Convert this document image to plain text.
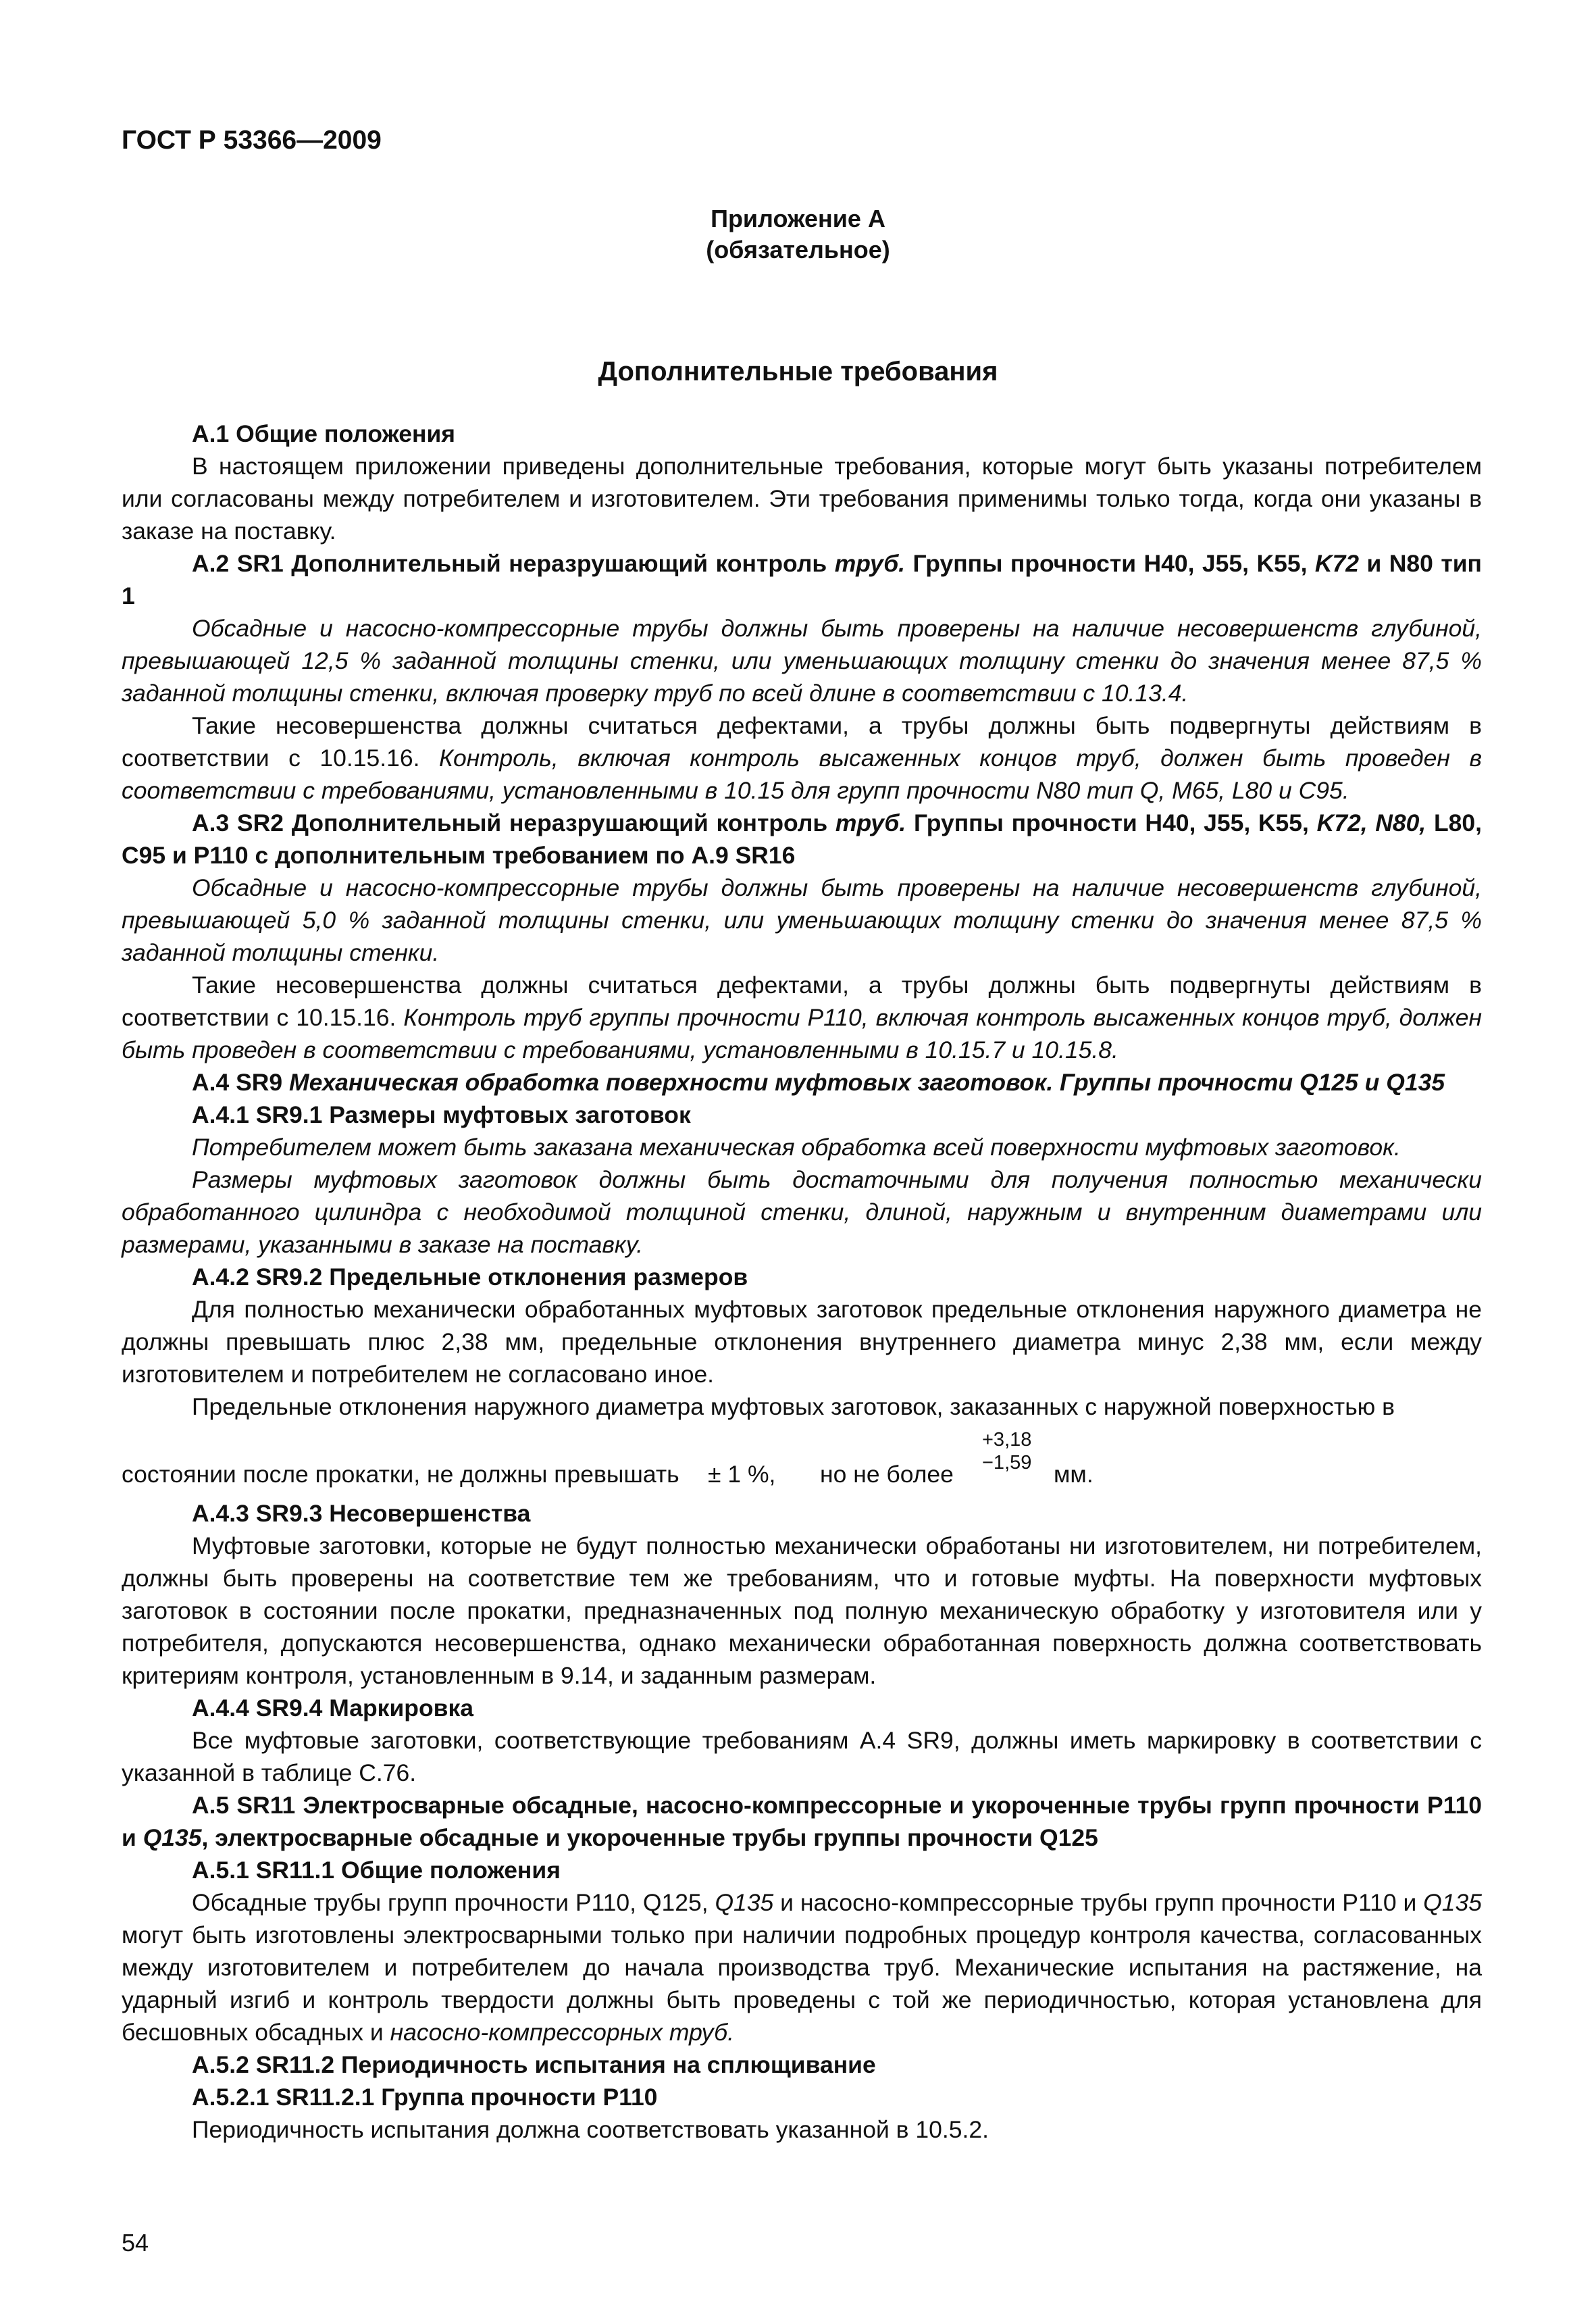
ГОСТ Р 53366—2009
Приложение А
(обязательное)
Дополнительные требования

А.1 Общие положения

В настоящем приложении приведены дополнительные требования, которые могут быть указаны потребителем или согласованы между потребителем и изготовителем. Эти требования применимы только тогда, когда они указаны в заказе на поставку.

А.2 SR1 Дополнительный неразрушающий контроль труб. Группы прочности Н40, J55, K55, K72 и N80 тип 1

Обсадные и насосно-компрессорные трубы должны быть проверены на наличие несовершенств глубиной, превышающей 12,5 % заданной толщины стенки, или уменьшающих толщину стенки до значения менее 87,5 % заданной толщины стенки, включая проверку труб по всей длине в соответствии с 10.13.4.

Такие несовершенства должны считаться дефектами, а трубы должны быть подвергнуты действиям в соответствии с 10.15.16. Контроль, включая контроль высаженных концов труб, должен быть проведен в соответствии с требованиями, установленными в 10.15 для групп прочности N80 тип Q, M65, L80 и С95.

А.3 SR2 Дополнительный неразрушающий контроль труб. Группы прочности Н40, J55, K55, K72, N80, L80, С95 и Р110 с дополнительным требованием по А.9 SR16

Обсадные и насосно-компрессорные трубы должны быть проверены на наличие несовершенств глубиной, превышающей 5,0 % заданной толщины стенки, или уменьшающих толщину стенки до значения менее 87,5 % заданной толщины стенки.

Такие несовершенства должны считаться дефектами, а трубы должны быть подвергнуты действиям в соответствии с 10.15.16. Контроль труб группы прочности Р110, включая контроль высаженных концов труб, должен быть проведен в соответствии с требованиями, установленными в 10.15.7 и 10.15.8.

А.4 SR9 Механическая обработка поверхности муфтовых заготовок. Группы прочности Q125 и Q135

А.4.1 SR9.1 Размеры муфтовых заготовок

Потребителем может быть заказана механическая обработка всей поверхности муфтовых заготовок.

Размеры муфтовых заготовок должны быть достаточными для получения полностью механически обработанного цилиндра с необходимой толщиной стенки, длиной, наружным и внутренним диаметрами или размерами, указанными в заказе на поставку.

А.4.2 SR9.2 Предельные отклонения размеров

Для полностью механически обработанных муфтовых заготовок предельные отклонения наружного диаметра не должны превышать плюс 2,38 мм, предельные отклонения внутреннего диаметра минус 2,38 мм, если между изготовителем и потребителем не согласовано иное.

Предельные отклонения наружного диаметра муфтовых заготовок, заказанных с наружной поверхностью в

состоянии после прокатки, не должны превышать ± 1 %, но не более
+3,18
−1,59 мм.

А.4.3 SR9.3 Несовершенства

Муфтовые заготовки, которые не будут полностью механически обработаны ни изготовителем, ни потребителем, должны быть проверены на соответствие тем же требованиям, что и готовые муфты. На поверхности муфтовых заготовок в состоянии после прокатки, предназначенных под полную механическую обработку у изготовителя или у потребителя, допускаются несовершенства, однако механически обработанная поверхность должна соответствовать критериям контроля, установленным в 9.14, и заданным размерам.

А.4.4 SR9.4 Маркировка

Все муфтовые заготовки, соответствующие требованиям А.4 SR9, должны иметь маркировку в соответствии с указанной в таблице С.76.

А.5 SR11 Электросварные обсадные, насосно-компрессорные и укороченные трубы групп прочности Р110 и Q135, электросварные обсадные и укороченные трубы группы прочности Q125

А.5.1 SR11.1 Общие положения

Обсадные трубы групп прочности Р110, Q125, Q135 и насосно-компрессорные трубы групп прочности Р110 и Q135 могут быть изготовлены электросварными только при наличии подробных процедур контроля качества, согласованных между изготовителем и потребителем до начала производства труб. Механические испытания на растяжение, на ударный изгиб и контроль твердости должны быть проведены с той же периодичностью, которая установлена для бесшовных обсадных и насосно-компрессорных труб.

А.5.2 SR11.2 Периодичность испытания на сплющивание

А.5.2.1 SR11.2.1 Группа прочности Р110

Периодичность испытания должна соответствовать указанной в 10.5.2.

54
